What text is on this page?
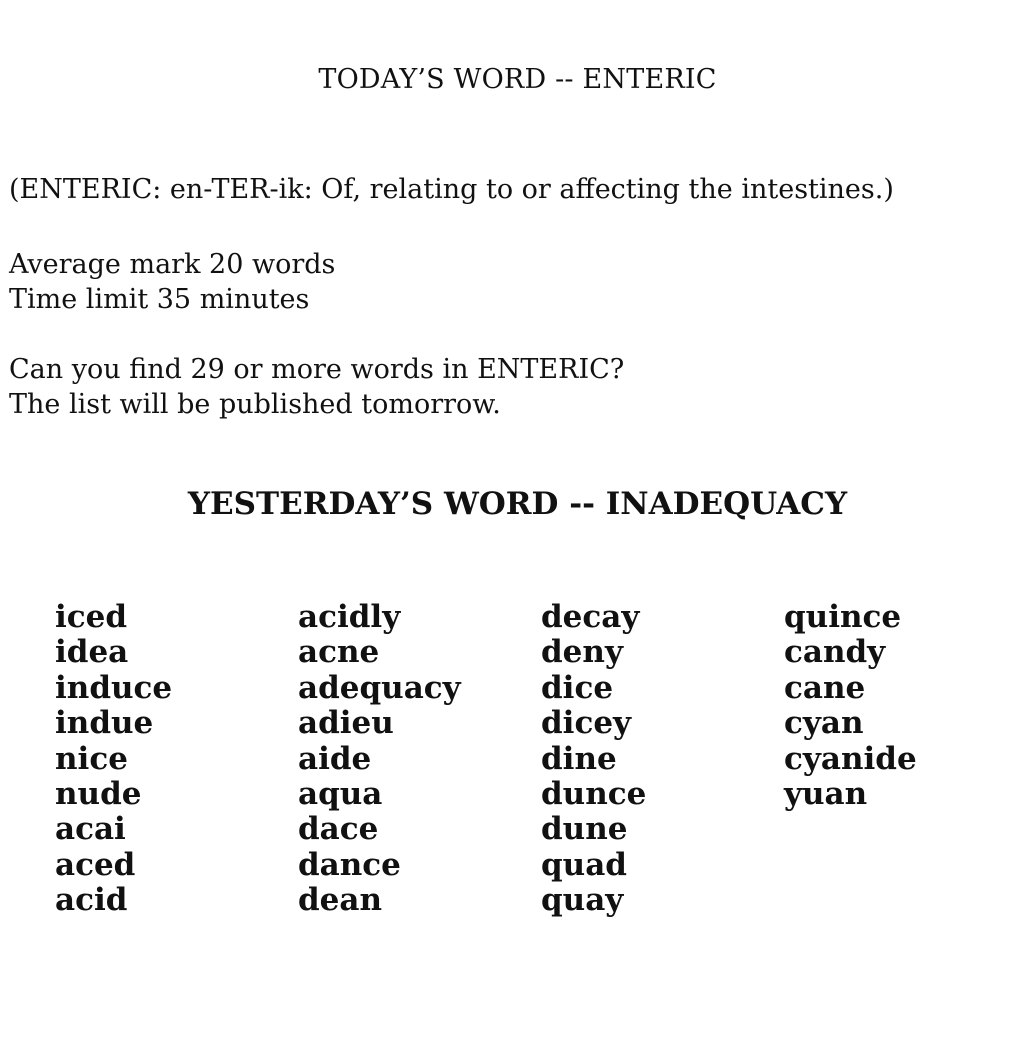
TODAY’S WORD -- ENTERIC
(ENTERIC: en-TER-ik: Of, relating to or affecting the intestines.)
Average mark 20 words
Time limit 35 minutes
Can you find 29 or more words in ENTERIC?
The list will be published tomorrow.
YESTERDAY’S WORD -- INADEQUACY
iced
idea
induce
indue
nice
nude
acai
aced
acid
acidly
acne
adequacy
adieu
aide
aqua
dace
dance
dean
decay
deny
dice
dicey
dine
dunce
dune
quad
quay
quince
candy
cane
cyan
cyanide
yuan
